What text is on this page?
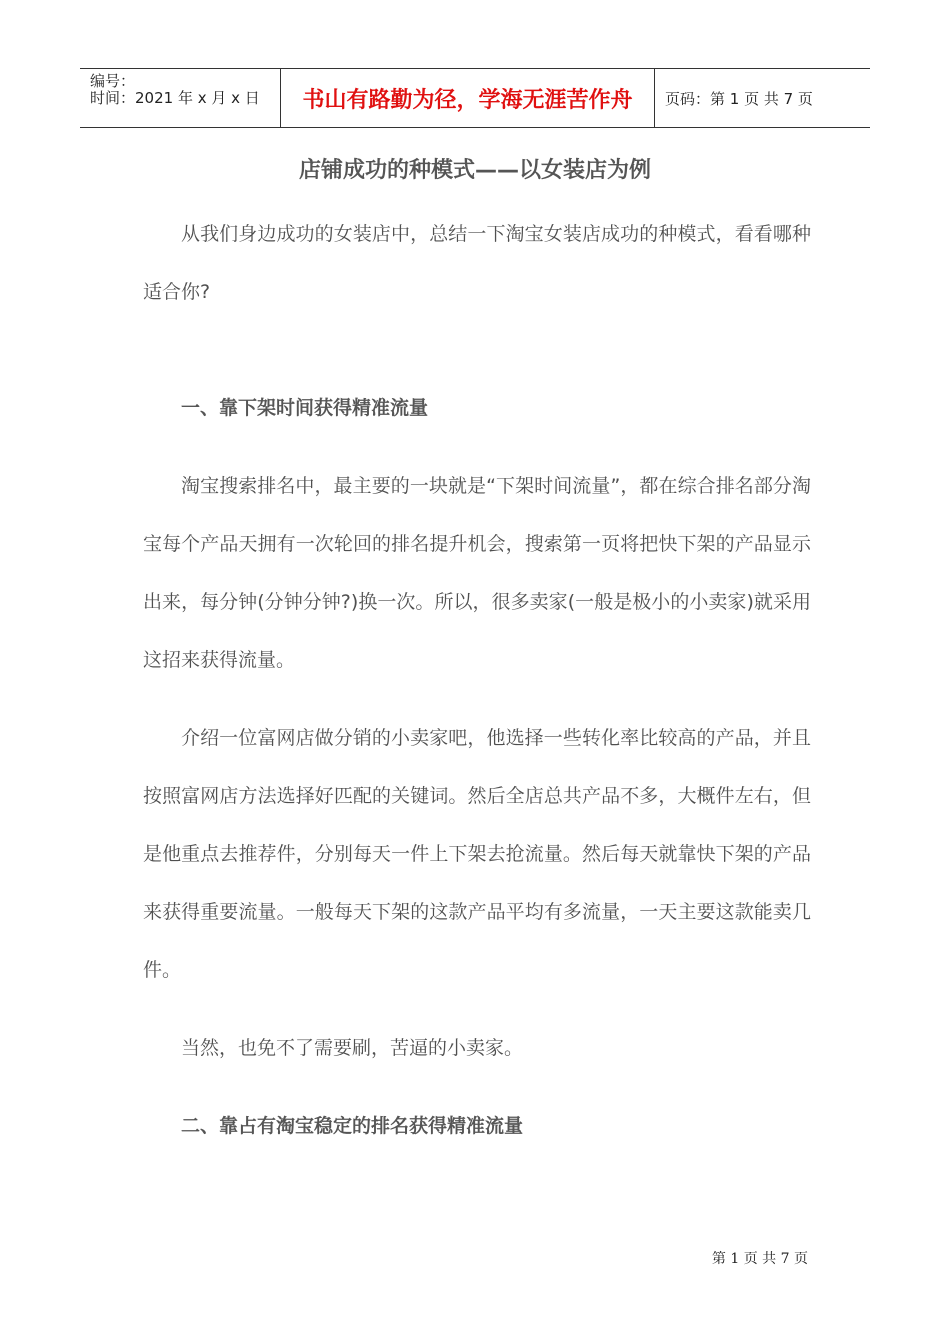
编号：
时间：2021 年 x 月 x 日	书山有路勤为径，学海无涯苦作舟	页码：第 1 页 共 7 页
店铺成功的种模式——以女装店为例

从我们身边成功的女装店中，总结一下淘宝女装店成功的种模式，看看哪种适合你?

一、靠下架时间获得精准流量

淘宝搜索排名中，最主要的一块就是“下架时间流量”，都在综合排名部分淘宝每个产品天拥有一次轮回的排名提升机会，搜索第一页将把快下架的产品显示出来，每分钟(分钟分钟?)换一次。所以，很多卖家(一般是极小的小卖家)就采用这招来获得流量。

介绍一位富网店做分销的小卖家吧，他选择一些转化率比较高的产品，并且按照富网店方法选择好匹配的关键词。然后全店总共产品不多，大概件左右，但是他重点去推荐件，分别每天一件上下架去抢流量。然后每天就靠快下架的产品来获得重要流量。一般每天下架的这款产品平均有多流量，一天主要这款能卖几件。

当然，也免不了需要刷，苦逼的小卖家。

二、靠占有淘宝稳定的排名获得精准流量

第 1 页 共 7 页
